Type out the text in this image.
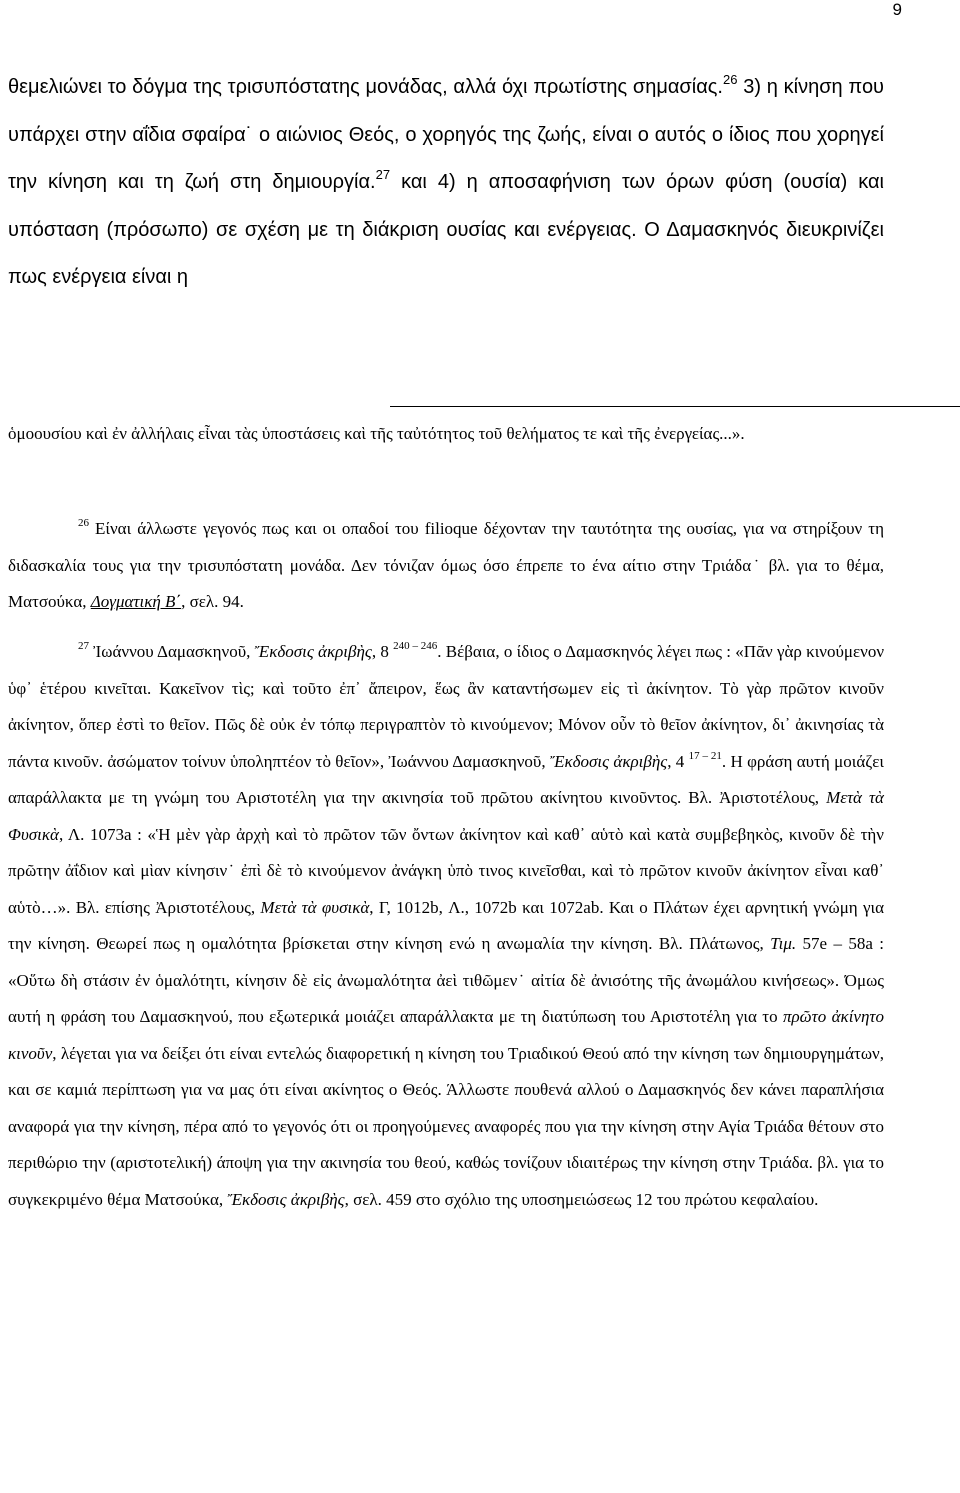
9

θεμελιώνει το δόγμα της τρισυπόστατης μονάδας, αλλά όχι πρωτίστης σημασίας.$^{26}$ 3) η κίνηση που υπάρχει στην αΐδια σφαίρα˙ ο αιώνιος Θεός, ο χορηγός της ζωής, είναι ο αυτός ο ίδιος που χορηγεί την κίνηση και τη ζωή στη δημιουργία.$^{27}$ και 4) η αποσαφήνιση των όρων φύση (ουσία) και υπόσταση (πρόσωπο) σε σχέση με τη διάκριση ουσίας και ενέργειας. Ο Δαμασκηνός διευκρινίζει πως ενέργεια είναι η

ὁμοουσίου καὶ ἐν ἀλλήλαις εἶναι τὰς ὑποστάσεις καὶ τῆς ταὐτότητος τοῦ θελήματος τε καὶ τῆς ἐνεργείας...».

$^{26}$ Είναι άλλωστε γεγονός πως και οι οπαδοί του filioque δέχονταν την ταυτότητα της ουσίας, για να στηρίξουν τη διδασκαλία τους για την τρισυπόστατη μονάδα. Δεν τόνιζαν όμως όσο έπρεπε το ένα αίτιο στην Τριάδα˙ βλ. για το θέμα, Ματσούκα, Δογματική Β΄, σελ. 94.

$^{27}$ Ἰωάννου Δαμασκηνοῦ, Ἔκδοσις ἀκριβὴς, 8 $^{240 - 246}$. Βέβαια, ο ίδιος ο Δαμασκηνός λέγει πως : «Πᾶν γὰρ κινούμενον ὑφ᾽ ἑτέρου κινεῖται. Κακεῖνον τὶς; καὶ τοῦτο ἐπ᾽ ἄπειρον, ἕως ἂν καταντήσωμεν εἰς τὶ ἀκίνητον. Τὸ γὰρ πρῶτον κινοῦν ἀκίνητον, ὅπερ ἐστὶ το θεῖον. Πῶς δὲ οὐκ ἐν τόπῳ περιγραπτὸν τὸ κινούμενον; Μόνον οὖν τὸ θεῖον ἀκίνητον, δι᾽ ἀκινησίας τὰ πάντα κινοῦν. ἀσώματον τοίνυν ὑποληπτέον τὸ θεῖον», Ἰωάννου Δαμασκηνοῦ, Ἔκδοσις ἀκριβὴς, 4 $^{17 - 21}$. Η φράση αυτή μοιάζει απαράλλακτα με τη γνώμη του Αριστοτέλη για την ακινησία τοῦ πρῶτου ακίνητου κινοῦντος. Βλ. Ἀριστοτέλους, Μετὰ τὰ Φυσικὰ, Λ. 1073a : «Ἡ μὲν γὰρ ἀρχὴ καὶ τὸ πρῶτον τῶν ὄντων ἀκίνητον καὶ καθ᾽ αὑτὸ καὶ κατὰ συμβεβηκὸς, κινοῦν δὲ τὴν πρῶτην ἀΐδιον καὶ μὶαν κίνησιν˙ ἐπὶ δὲ τὸ κινούμενον ἀνάγκη ὑπὸ τινος κινεῖσθαι, καὶ τὸ πρῶτον κινοῦν ἀκίνητον εἶναι καθ᾽ αὑτὸ…». Βλ. επίσης Ἀριστοτέλους, Μετὰ τὰ φυσικὰ, Γ, 1012b, Λ., 1072b και 1072ab. Και ο Πλάτων έχει αρνητική γνώμη για την κίνηση. Θεωρεί πως η ομαλότητα βρίσκεται στην κίνηση ενώ η ανωμαλία την κίνηση. Βλ. Πλάτωνος, Τιμ. 57e – 58a : «Οὕτω δὴ στάσιν ἐν ὁμαλότητι, κίνησιν δὲ εἰς ἀνωμαλότητα ἀεὶ τιθῶμεν˙ αἰτία δὲ ἀνισότης τῆς ἀνωμάλου κινήσεως». Όμως αυτή η φράση του Δαμασκηνού, που εξωτερικά μοιάζει απαράλλακτα με τη διατύπωση του Αριστοτέλη για το πρῶτο ἀκίνητο κινοῦν, λέγεται για να δείξει ότι είναι εντελώς διαφορετική η κίνηση του Τριαδικού Θεού από την κίνηση των δημιουργημάτων, και σε καμιά περίπτωση για να μας ότι είναι ακίνητος ο Θεός. Άλλωστε πουθενά αλλού ο Δαμασκηνός δεν κάνει παραπλήσια αναφορά για την κίνηση, πέρα από το γεγονός ότι οι προηγούμενες αναφορές που για την κίνηση στην Αγία Τριάδα θέτουν στο περιθώριο την (αριστοτελική) άποψη για την ακινησία του θεού, καθώς τονίζουν ιδιαιτέρως την κίνηση στην Τριάδα. βλ. για το συγκεκριμένο θέμα Ματσούκα, Ἔκδοσις ἀκριβὴς, σελ. 459 στο σχόλιο της υποσημειώσεως 12 του πρώτου κεφαλαίου.
